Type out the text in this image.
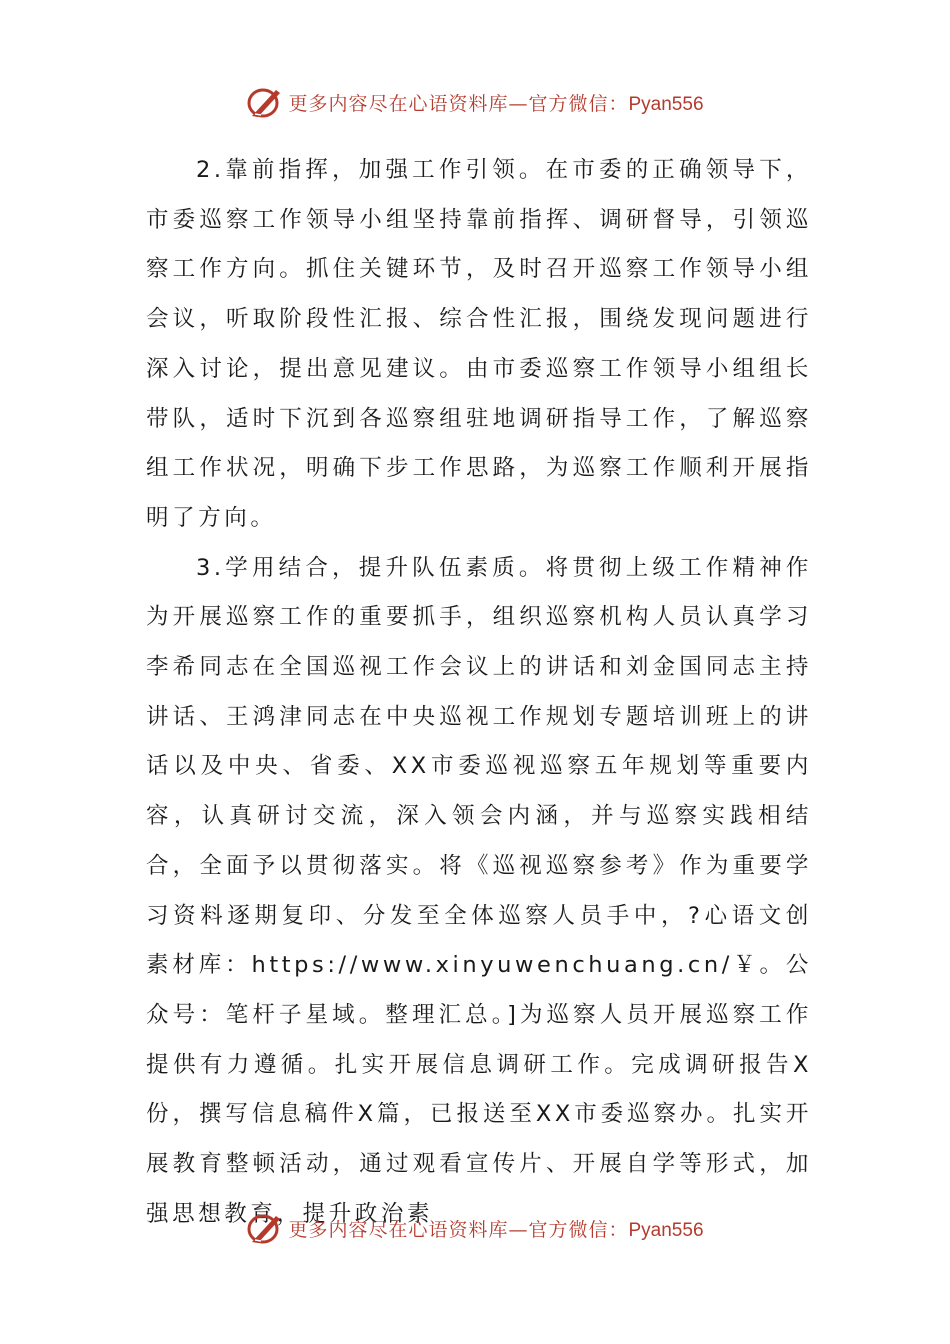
更多内容尽在心语资料库—官方微信：Pyan556

2.靠前指挥，加强工作引领。在市委的正确领导下，市委巡察工作领导小组坚持靠前指挥、调研督导，引领巡察工作方向。抓住关键环节，及时召开巡察工作领导小组会议，听取阶段性汇报、综合性汇报，围绕发现问题进行深入讨论，提出意见建议。由市委巡察工作领导小组组长带队，适时下沉到各巡察组驻地调研指导工作，了解巡察组工作状况，明确下步工作思路，为巡察工作顺利开展指明了方向。

3.学用结合，提升队伍素质。将贯彻上级工作精神作为开展巡察工作的重要抓手，组织巡察机构人员认真学习李希同志在全国巡视工作会议上的讲话和刘金国同志主持讲话、王鸿津同志在中央巡视工作规划专题培训班上的讲话以及中央、省委、XX市委巡视巡察五年规划等重要内容，认真研讨交流，深入领会内涵，并与巡察实践相结合，全面予以贯彻落实。将《巡视巡察参考》作为重要学习资料逐期复印、分发至全体巡察人员手中，?心语文创素材库：https://www.xinyuwenchuang.cn/￥。公众号：笔杆子星域。整理汇总。]为巡察人员开展巡察工作提供有力遵循。扎实开展信息调研工作。完成调研报告X份，撰写信息稿件X篇，已报送至XX市委巡察办。扎实开展教育整顿活动，通过观看宣传片、开展自学等形式，加强思想教育，提升政治素

更多内容尽在心语资料库—官方微信：Pyan556
